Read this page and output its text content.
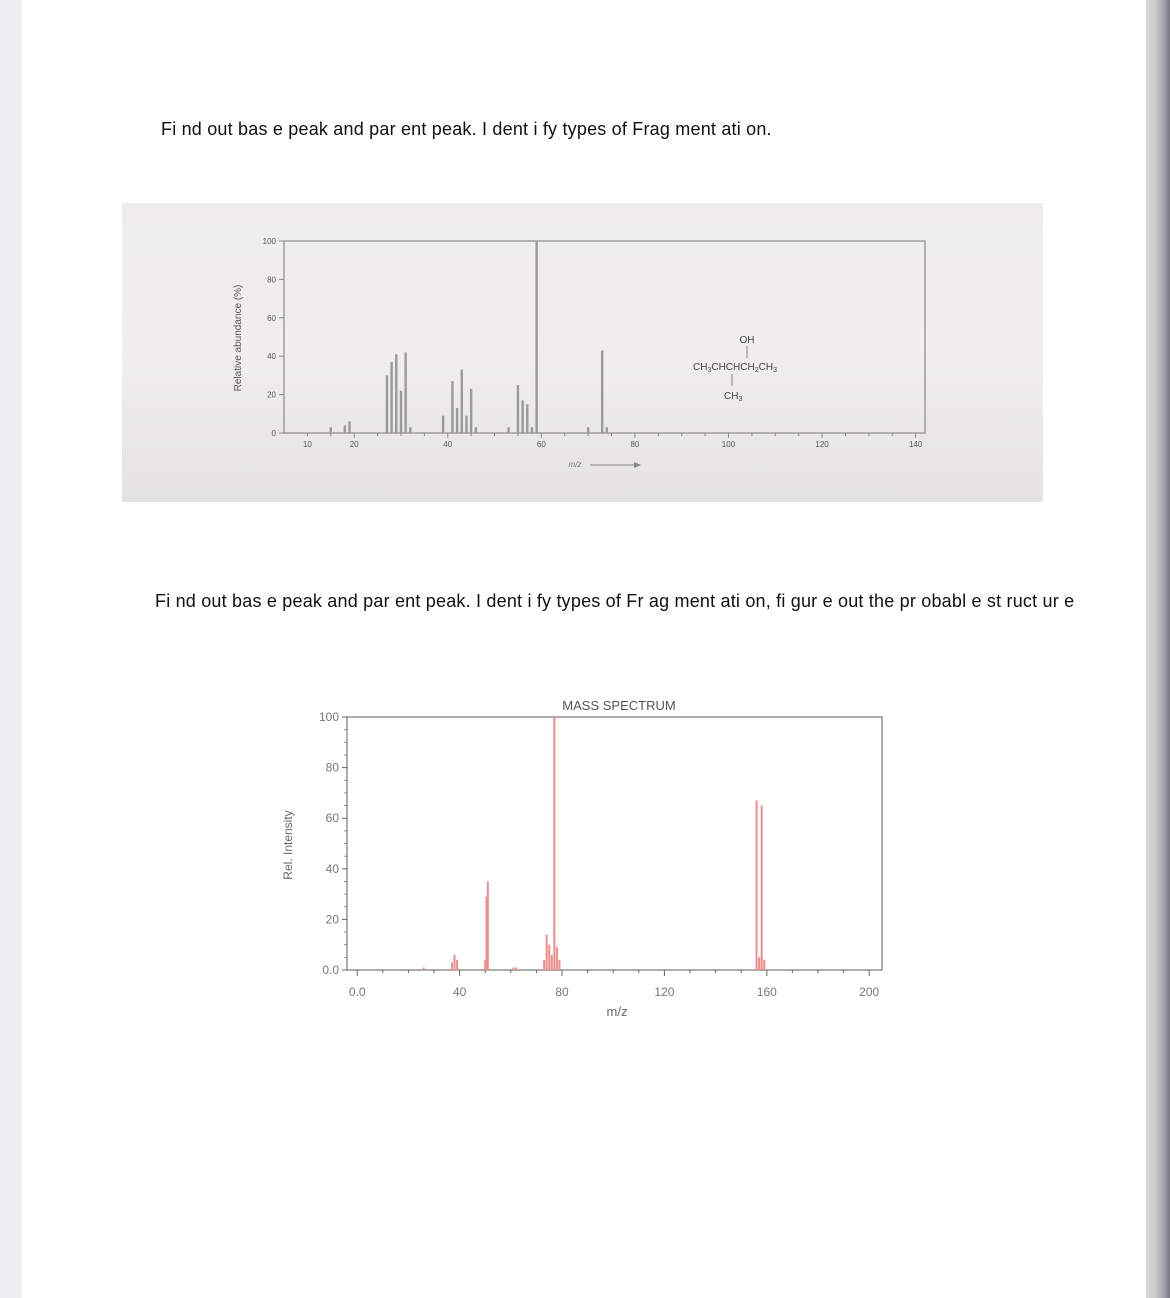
Fi nd out bas e peak and par ent peak. I dent i fy types of Frag ment ati on.
Relative abundance (%)
m/z
OH
$CH_3CHCHCH_2CH_3$
$CH_3$
0
20
40
60
80
100
10	20	40	60	80	100	120	140
Fi nd out bas e peak and par ent peak. I dent i fy types of Fr ag ment ati on, fi gur e out the pr obabl e st ruct ur e
MASS SPECTRUM
Rel. Intensity
m/z
0.0
20
40
60
80
100
0.0	40	80	120	160	200
